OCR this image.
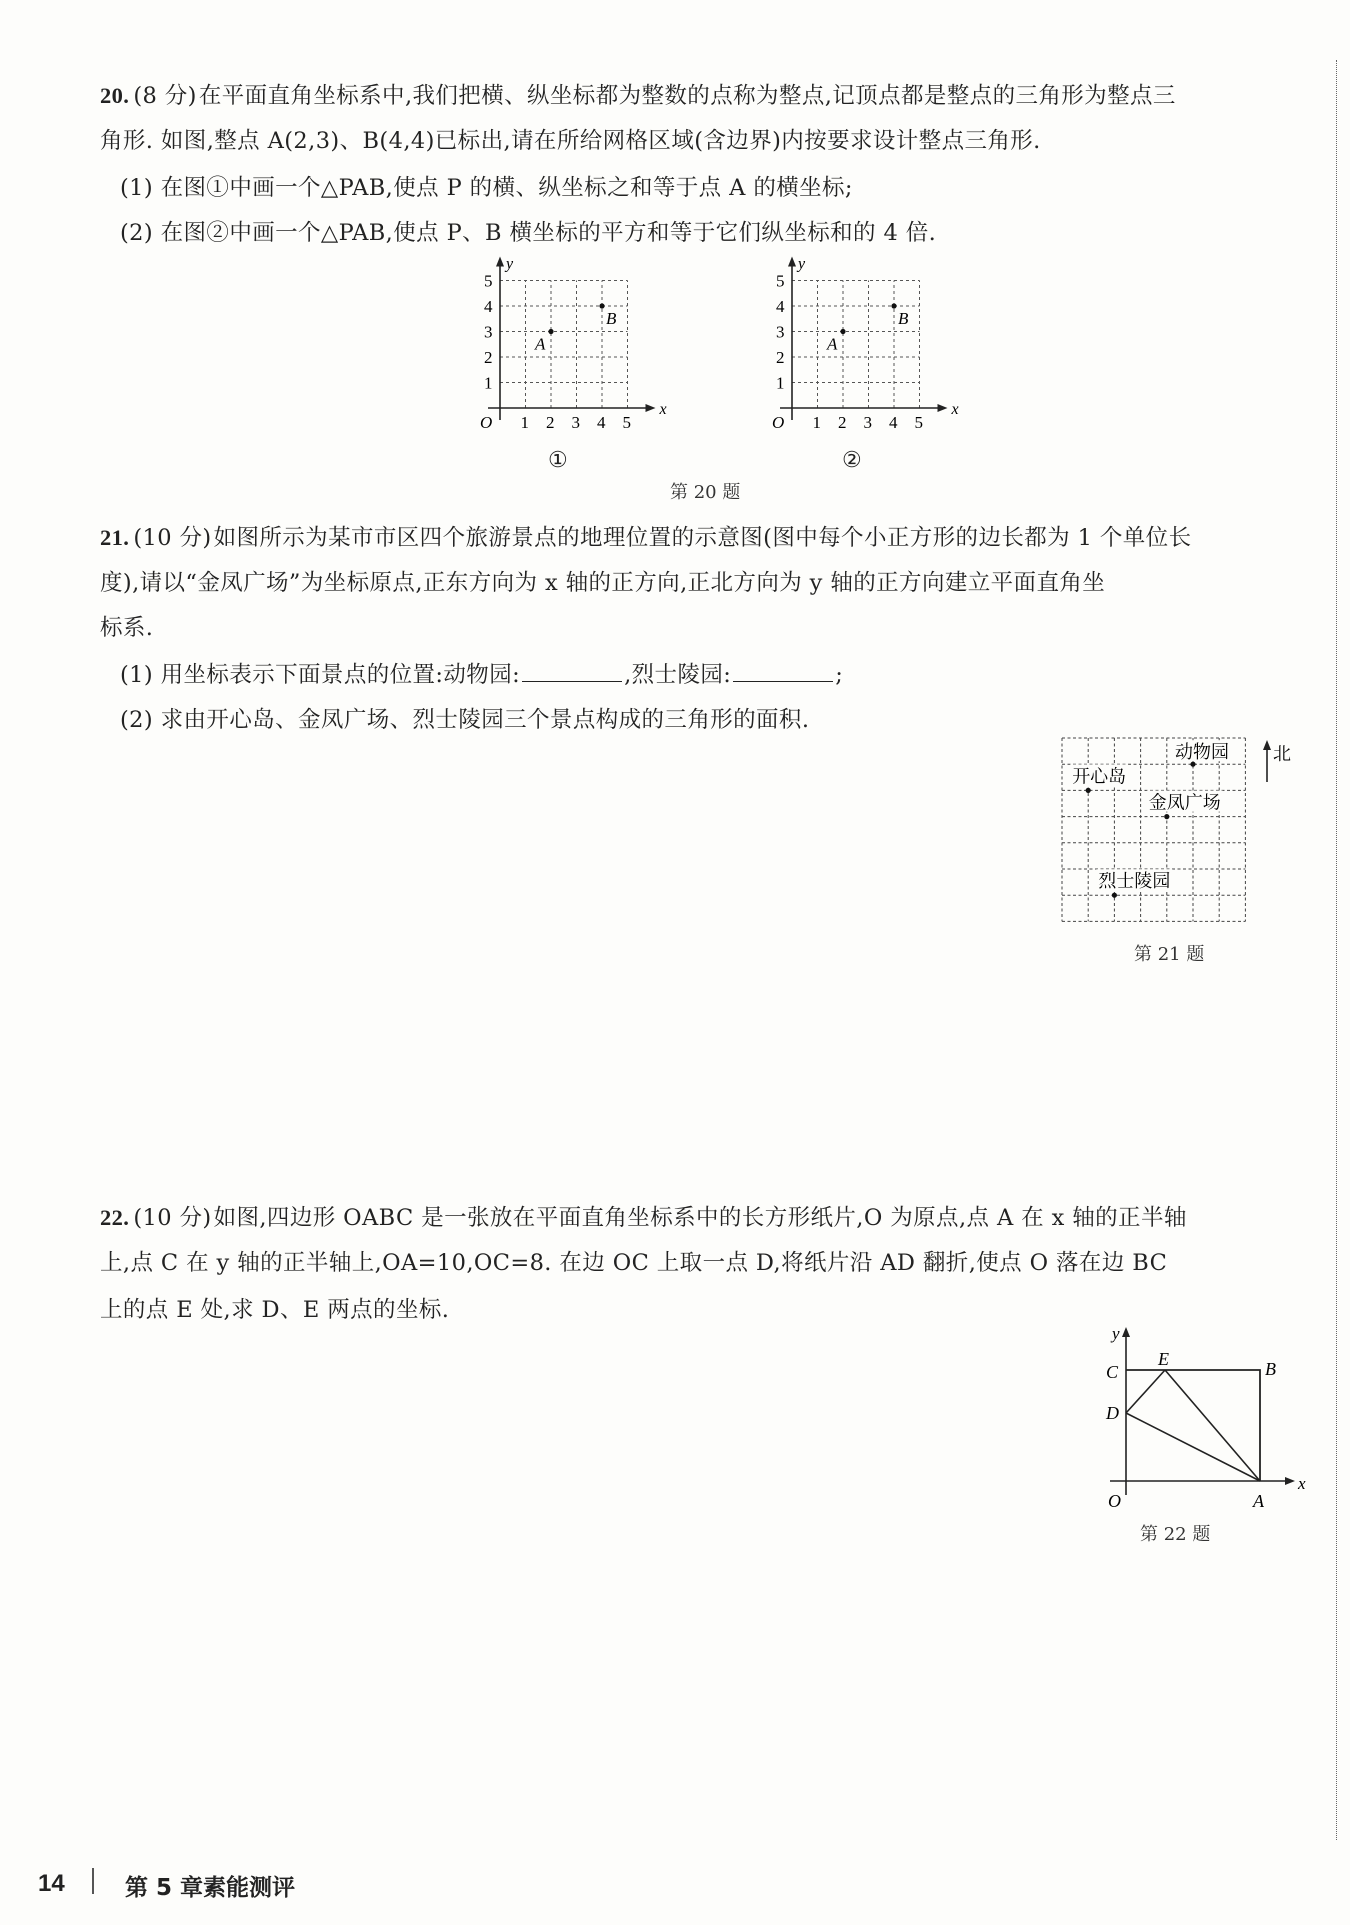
20. (8 分)在平面直角坐标系中,我们把横、纵坐标都为整数的点称为整点,记顶点都是整点的三角形为整点三
角形. 如图,整点 A(2,3)、B(4,4)已标出,请在所给网格区域(含边界)内按要求设计整点三角形.
(1) 在图①中画一个△PAB,使点 P 的横、纵坐标之和等于点 A 的横坐标;
(2) 在图②中画一个△PAB,使点 P、B 横坐标的平方和等于它们纵坐标和的 4 倍.
1 2 3 4 5
1
2
3
4
5
O
x
y
A
B
1 2 3 4 5
1
2
3
4
5
O
x
y
A
B
①	②
第 20 题
21. (10 分)如图所示为某市市区四个旅游景点的地理位置的示意图(图中每个小正方形的边长都为 1 个单位长
度),请以“金凤广场”为坐标原点,正东方向为 x 轴的正方向,正北方向为 y 轴的正方向建立平面直角坐
标系.
(1) 用坐标表示下面景点的位置:动物园:	,烈士陵园:	;
(2) 求由开心岛、金凤广场、烈士陵园三个景点构成的三角形的面积.
北
动物园
开心岛
金凤广场
烈士陵园
第 21 题
22. (10 分)如图,四边形 OABC 是一张放在平面直角坐标系中的长方形纸片,O 为原点,点 A 在 x 轴的正半轴
上,点 C 在 y 轴的正半轴上,OA=10,OC=8. 在边 OC 上取一点 D,将纸片沿 AD 翻折,使点 O 落在边 BC
上的点 E 处,求 D、E 两点的坐标.
y
x
C
E	B
D
O	A
第 22 题
14	第 5 章素能测评
